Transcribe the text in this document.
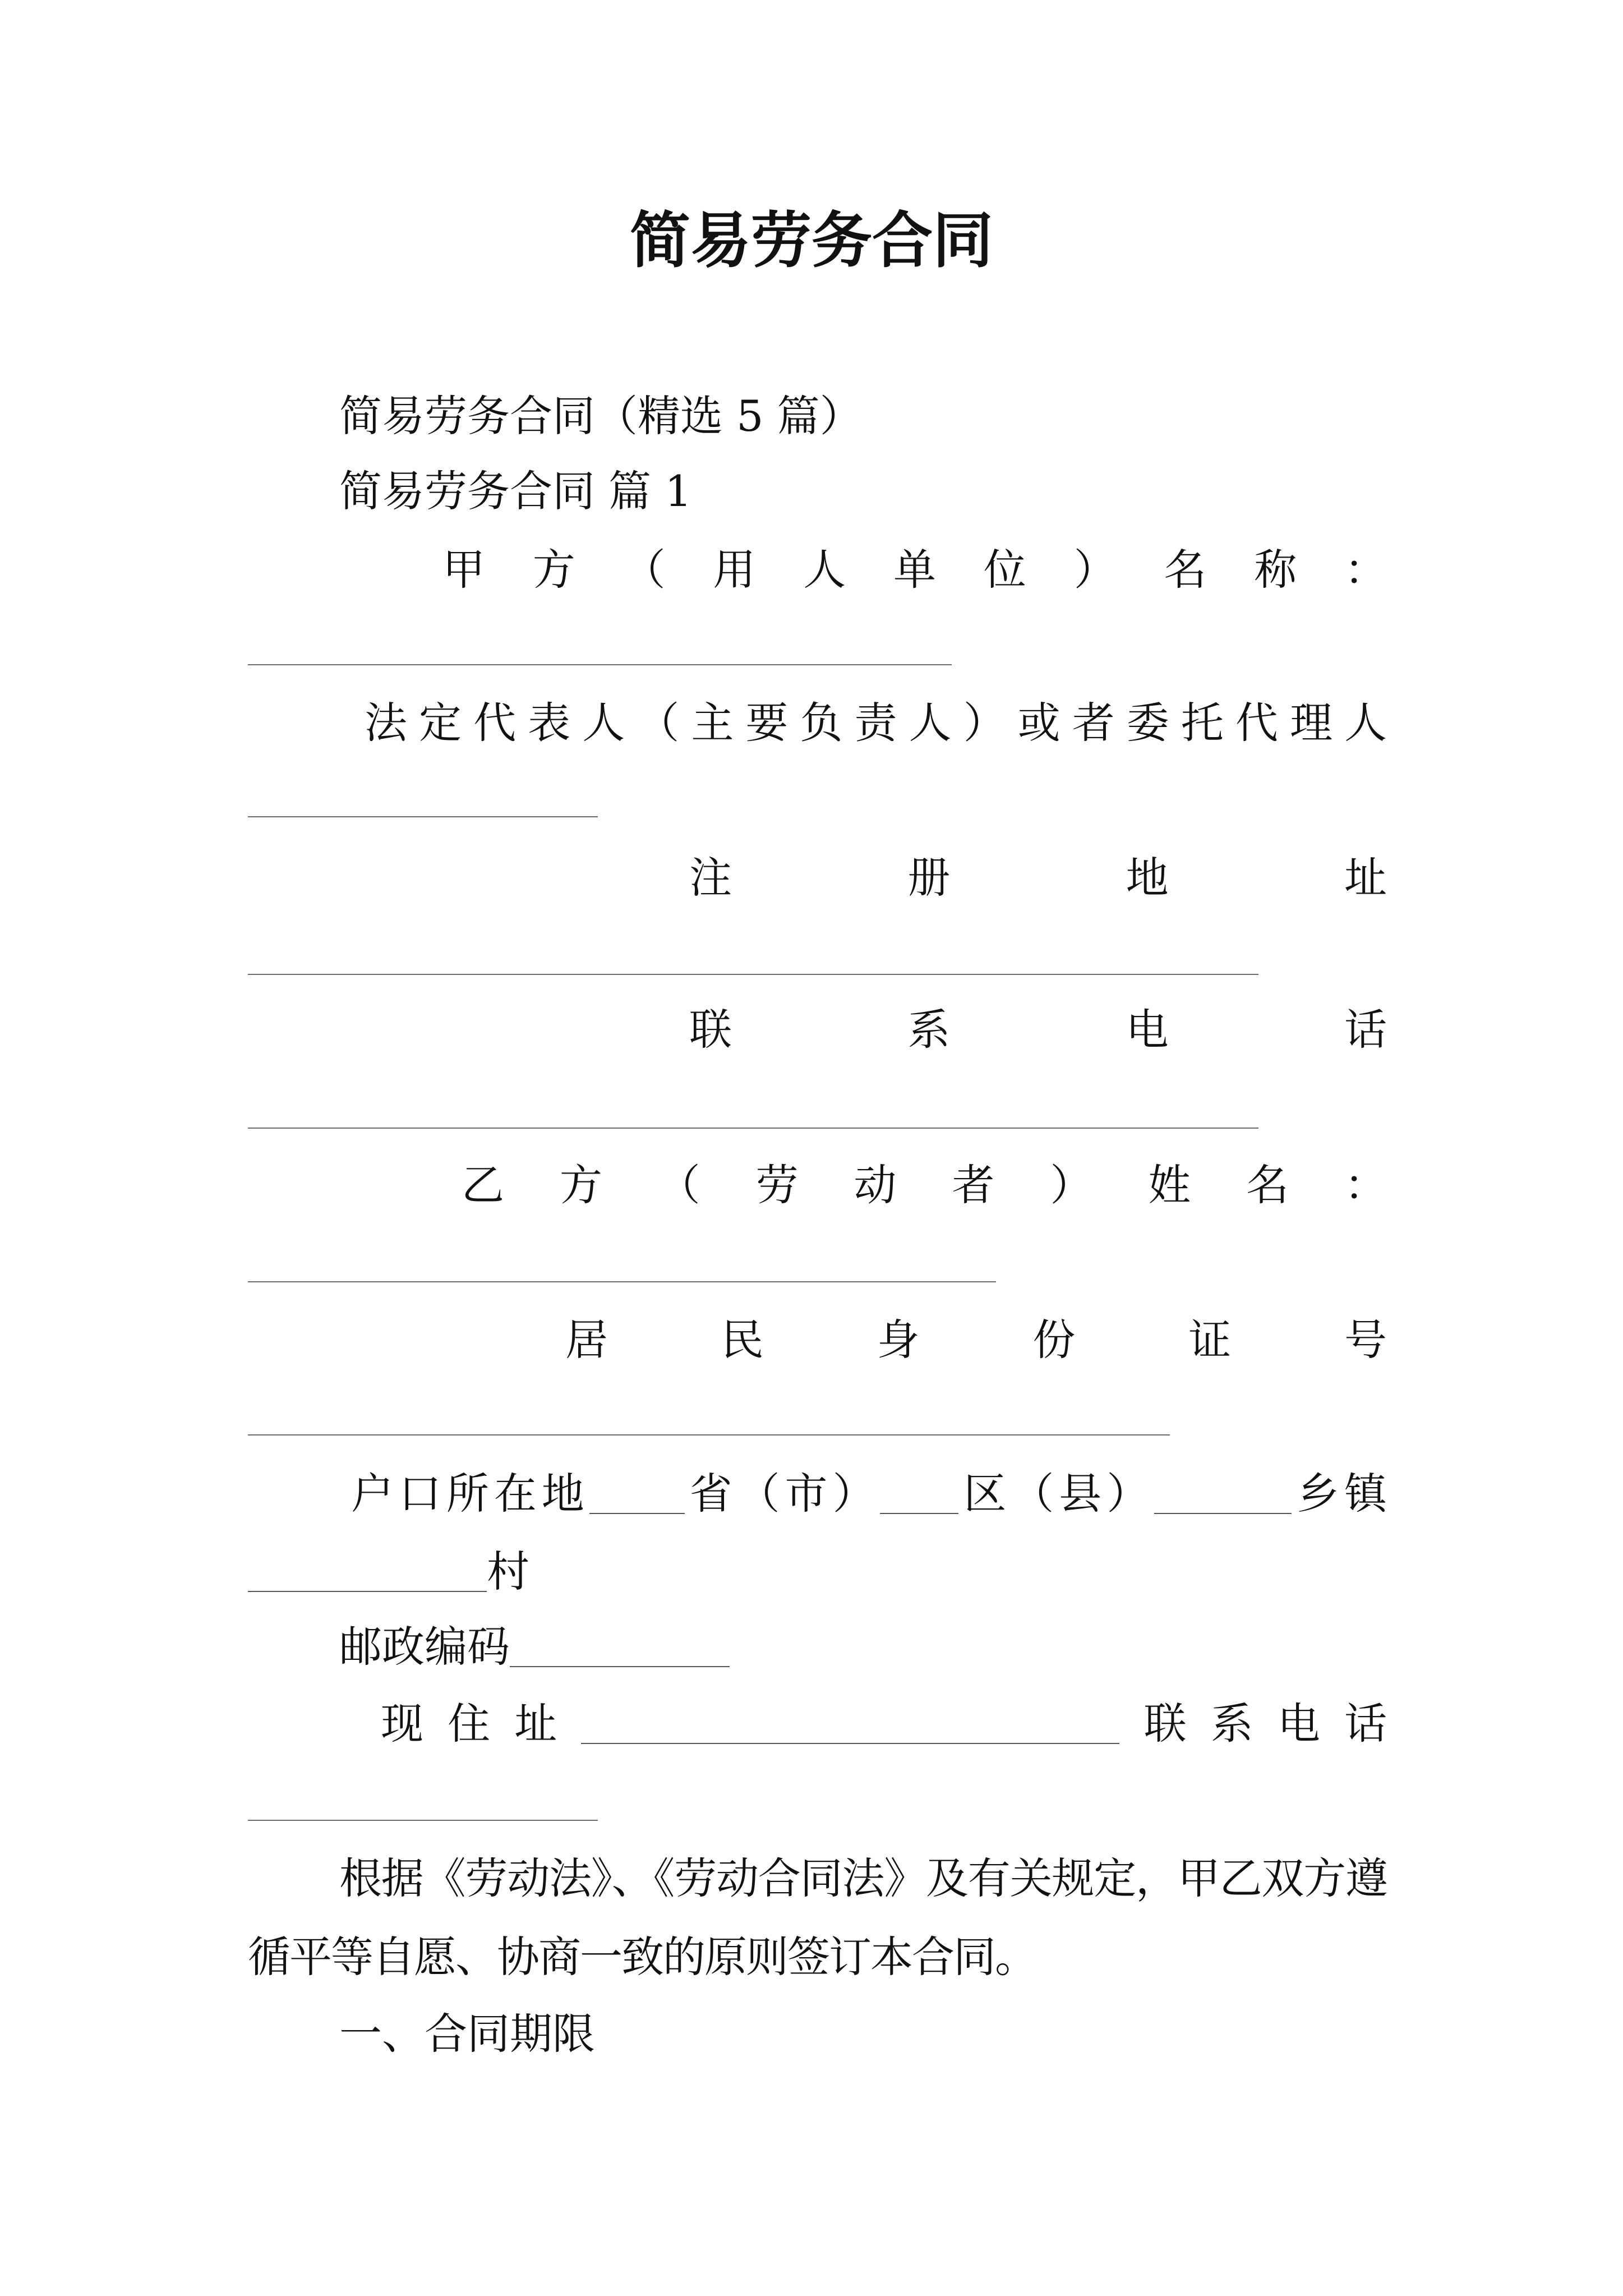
简易劳务合同
简易劳务合同（精选 5 篇）
简易劳务合同 篇 1
甲方（用人单位）名称：
法定代表人（主要负责人）或者委托代理人
注册地址
联系电话
乙方（劳动者）姓名：
居民身份证号
户口所在地 省（市） 区（县）	乡镇
村
邮政编码
现住址	联系电话
根据《劳动法》、《劳动合同法》及有关规定，甲乙双方遵循平等自愿、协商一致的原则签订本合同。
一、合同期限
